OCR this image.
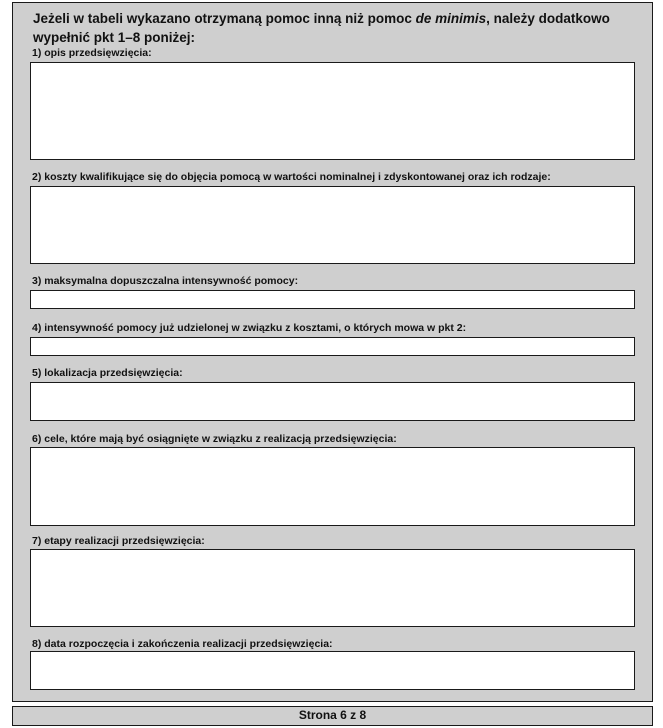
Jeżeli w tabeli wykazano otrzymaną pomoc inną niż pomoc de minimis, należy dodatkowo
wypełnić pkt 1–8 poniżej:

1) opis przedsięwzięcia:
2) koszty kwalifikujące się do objęcia pomocą w wartości nominalnej i zdyskontowanej oraz ich rodzaje:
3) maksymalna dopuszczalna intensywność pomocy:
4) intensywność pomocy już udzielonej w związku z kosztami, o których mowa w pkt 2:
5) lokalizacja przedsięwzięcia:
6) cele, które mają być osiągnięte w związku z realizacją przedsięwzięcia:
7) etapy realizacji przedsięwzięcia:
8) data rozpoczęcia i zakończenia realizacji przedsięwzięcia:
Strona 6 z 8
